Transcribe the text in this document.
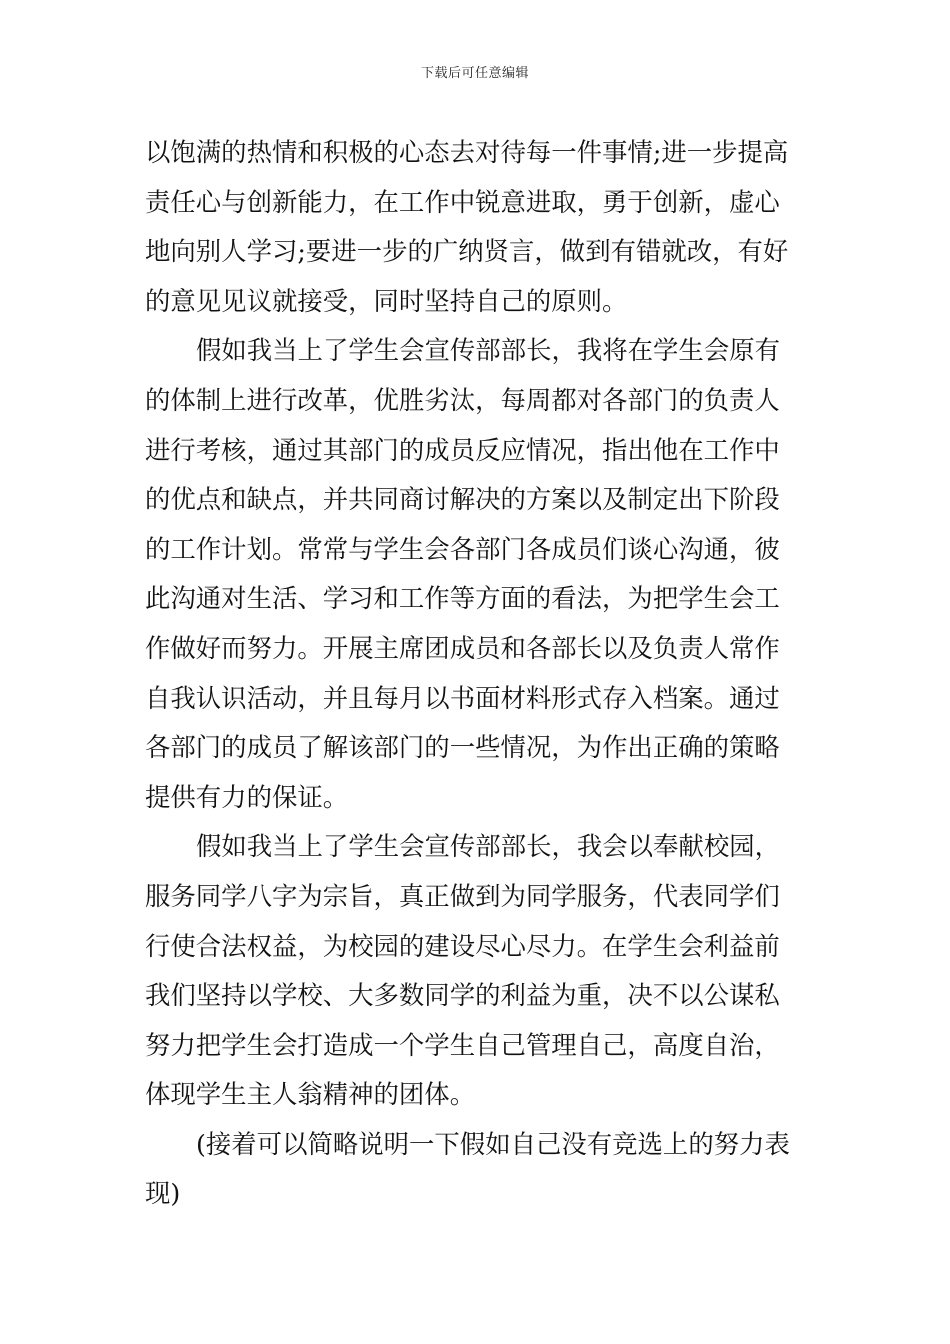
下载后可任意编辑
以饱满的热情和积极的心态去对待每一件事情;进一步提高
责任心与创新能力，在工作中锐意进取，勇于创新，虚心
地向别人学习;要进一步的广纳贤言，做到有错就改，有好
的意见见议就接受，同时坚持自己的原则。
假如我当上了学生会宣传部部长，我将在学生会原有
的体制上进行改革，优胜劣汰，每周都对各部门的负责人
进行考核，通过其部门的成员反应情况，指出他在工作中
的优点和缺点，并共同商讨解决的方案以及制定出下阶段
的工作计划。常常与学生会各部门各成员们谈心沟通，彼
此沟通对生活、学习和工作等方面的看法，为把学生会工
作做好而努力。开展主席团成员和各部长以及负责人常作
自我认识活动，并且每月以书面材料形式存入档案。通过
各部门的成员了解该部门的一些情况，为作出正确的策略
提供有力的保证。
假如我当上了学生会宣传部部长，我会以奉献校园，
服务同学八字为宗旨，真正做到为同学服务，代表同学们
行使合法权益，为校园的建设尽心尽力。在学生会利益前
我们坚持以学校、大多数同学的利益为重，决不以公谋私
努力把学生会打造成一个学生自己管理自己，高度自治，
体现学生主人翁精神的团体。
(接着可以简略说明一下假如自己没有竞选上的努力表
现)
